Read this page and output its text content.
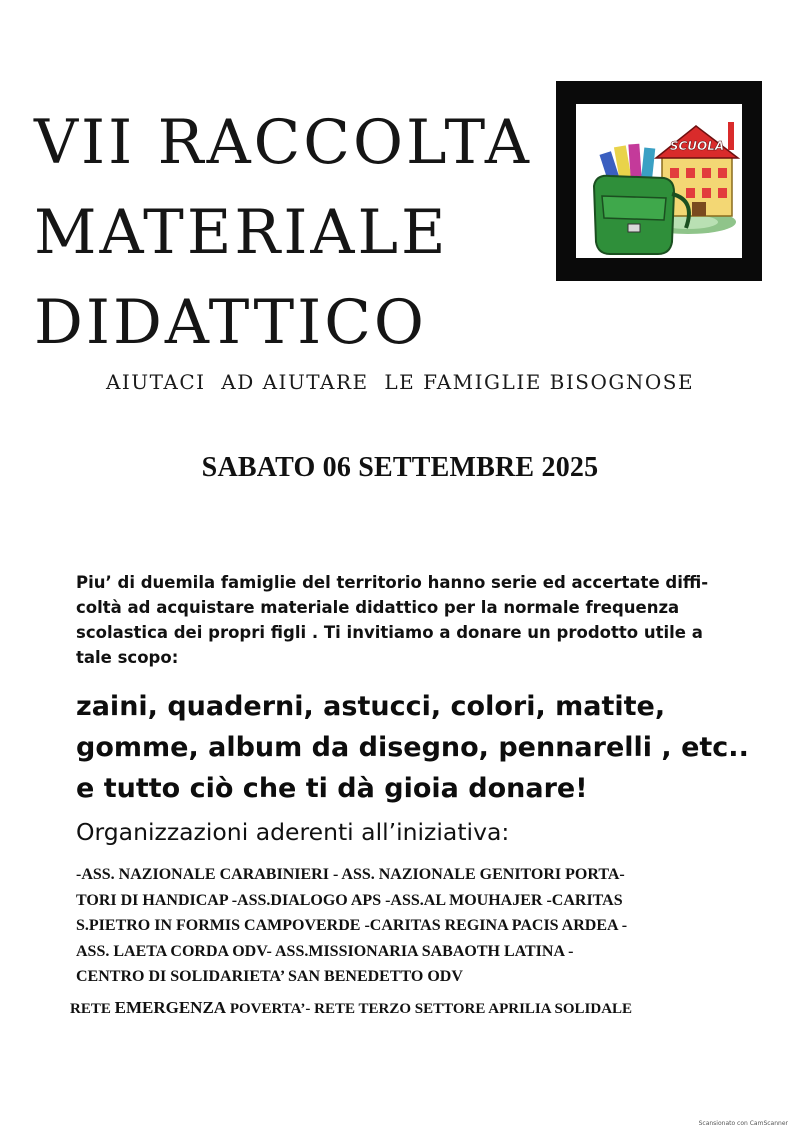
VII RACCOLTA
MATERIALE
DIDATTICO
SCUOLA
AIUTACI  AD AIUTARE  LE FAMIGLIE BISOGNOSE
SABATO 06 SETTEMBRE 2025
Piu’ di duemila famiglie del territorio hanno serie ed accertate diffi-
coltà ad acquistare materiale didattico per la normale frequenza
scolastica dei propri figli . Ti invitiamo a donare un prodotto utile a
tale scopo:
zaini, quaderni, astucci, colori, matite,
gomme, album da disegno, pennarelli , etc..
e tutto ciò che ti dà gioia donare!
Organizzazioni aderenti all’iniziativa:
-ASS. NAZIONALE CARABINIERI - ASS. NAZIONALE GENITORI PORTA-
TORI DI HANDICAP -ASS.DIALOGO APS -ASS.AL MOUHAJER -CARITAS
S.PIETRO IN FORMIS CAMPOVERDE -CARITAS REGINA PACIS ARDEA -
ASS. LAETA CORDA ODV- ASS.MISSIONARIA SABAOTH LATINA -
CENTRO DI SOLIDARIETA’ SAN BENEDETTO ODV
RETE EMERGENZA POVERTA’- RETE TERZO SETTORE APRILIA SOLIDALE
Scansionato con CamScanner
